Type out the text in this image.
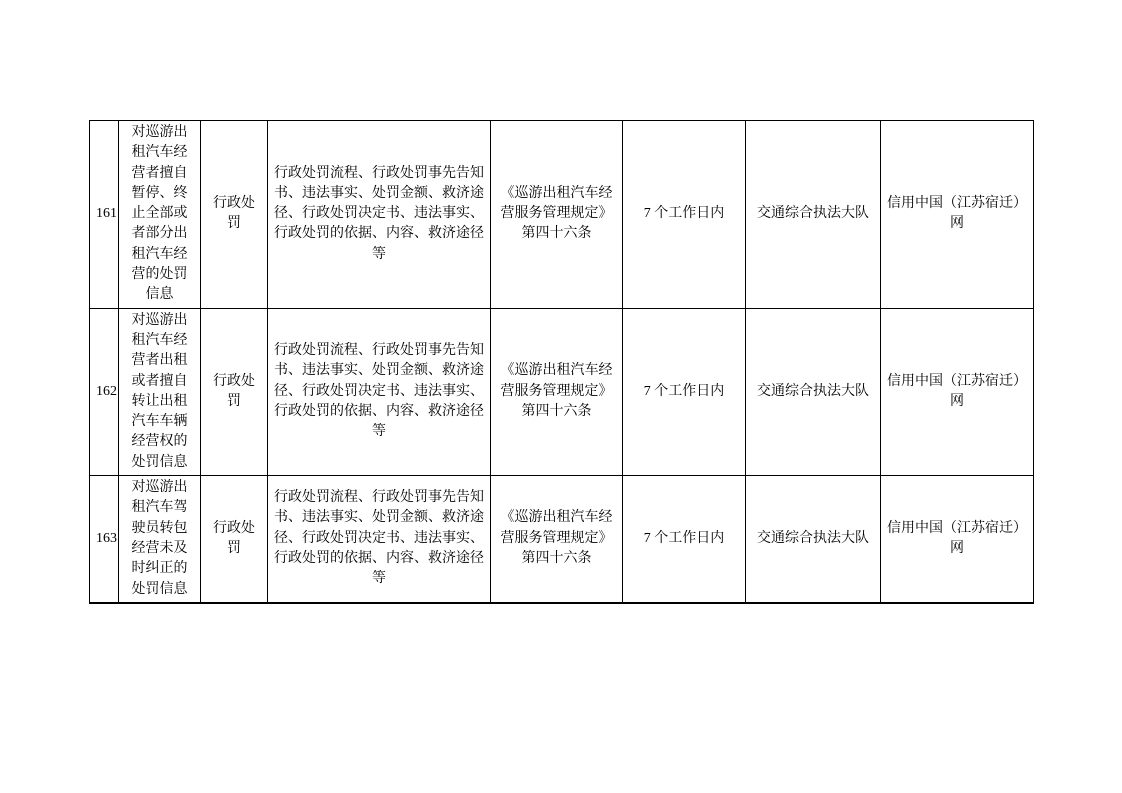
161	对巡游出租汽车经营者擅自暂停、终止全部或者部分出租汽车经营的处罚信息	行政处罚	行政处罚流程、行政处罚事先告知书、违法事实、处罚金额、救济途径、行政处罚决定书、违法事实、行政处罚的依据、内容、救济途径等	《巡游出租汽车经营服务管理规定》第四十六条	7 个工作日内	交通综合执法大队	信用中国（江苏宿迁）网
162	对巡游出租汽车经营者出租或者擅自转让出租汽车车辆经营权的处罚信息	行政处罚	行政处罚流程、行政处罚事先告知书、违法事实、处罚金额、救济途径、行政处罚决定书、违法事实、行政处罚的依据、内容、救济途径等	《巡游出租汽车经营服务管理规定》第四十六条	7 个工作日内	交通综合执法大队	信用中国（江苏宿迁）网
163	对巡游出租汽车驾驶员转包经营未及时纠正的处罚信息	行政处罚	行政处罚流程、行政处罚事先告知书、违法事实、处罚金额、救济途径、行政处罚决定书、违法事实、行政处罚的依据、内容、救济途径等	《巡游出租汽车经营服务管理规定》第四十六条	7 个工作日内	交通综合执法大队	信用中国（江苏宿迁）网
